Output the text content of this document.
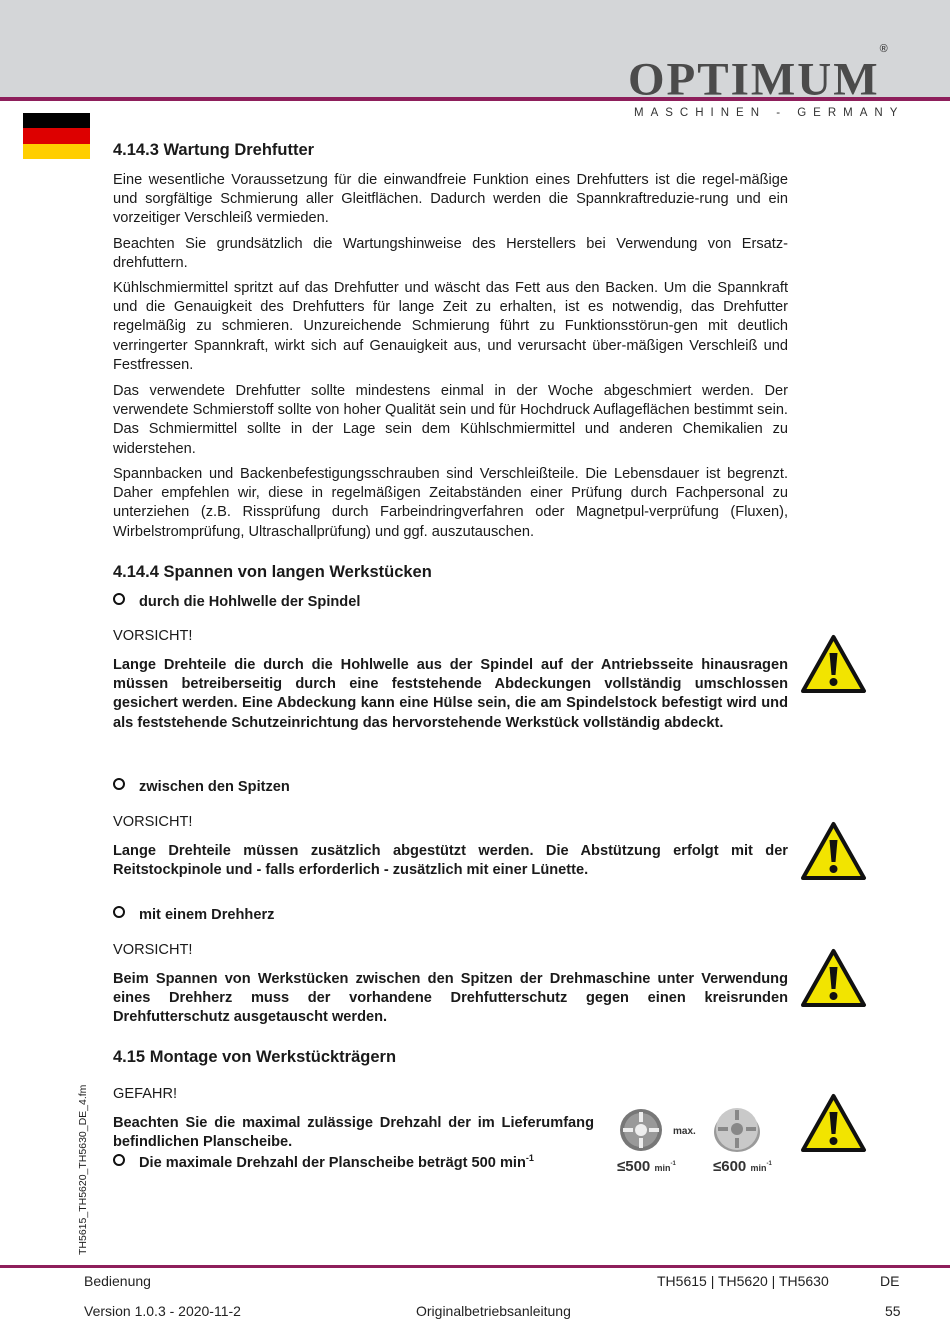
OPTIMUM®
MASCHINEN - GERMANY
4.14.3 Wartung Drehfutter

Eine wesentliche Voraussetzung für die einwandfreie Funktion eines Drehfutters ist die regel-mäßige und sorgfältige Schmierung aller Gleitflächen. Dadurch werden die Spannkraftreduzie-rung und ein vorzeitiger Verschleiß vermieden.

Beachten Sie grundsätzlich die Wartungshinweise des Herstellers bei Verwendung von Ersatz-drehfuttern.

Kühlschmiermittel spritzt auf das Drehfutter und wäscht das Fett aus den Backen. Um die Spannkraft und die Genauigkeit des Drehfutters für lange Zeit zu erhalten, ist es notwendig, das Drehfutter regelmäßig zu schmieren. Unzureichende Schmierung führt zu Funktionsstörun-gen mit deutlich verringerter Spannkraft, wirkt sich auf Genauigkeit aus, und verursacht über-mäßigen Verschleiß und Festfressen.

Das verwendete Drehfutter sollte mindestens einmal in der Woche abgeschmiert werden. Der verwendete Schmierstoff sollte von hoher Qualität sein und für Hochdruck Auflageflächen bestimmt sein. Das Schmiermittel sollte in der Lage sein dem Kühlschmiermittel und anderen Chemikalien zu widerstehen.

Spannbacken und Backenbefestigungsschrauben sind Verschleißteile. Die Lebensdauer ist begrenzt. Daher empfehlen wir, diese in regelmäßigen Zeitabständen einer Prüfung durch Fachpersonal zu unterziehen (z.B. Rissprüfung durch Farbeindringverfahren oder Magnetpul-verprüfung (Fluxen), Wirbelstromprüfung, Ultraschallprüfung) und ggf. auszutauschen.

4.14.4 Spannen von langen Werkstücken
durch die Hohlwelle der Spindel

VORSICHT!

Lange Drehteile die durch die Hohlwelle aus der Spindel auf der Antriebsseite hinausragen müssen betreiberseitig durch eine feststehende Abdeckungen vollständig umschlossen gesichert werden. Eine Abdeckung kann eine Hülse sein, die am Spindelstock befestigt wird und als feststehende Schutzeinrichtung das hervorstehende Werkstück vollständig abdeckt.

zwischen den Spitzen

VORSICHT!

Lange Drehteile müssen zusätzlich abgestützt werden. Die Abstützung erfolgt mit der Reitstockpinole und - falls erforderlich - zusätzlich mit einer Lünette.

mit einem Drehherz

VORSICHT!

Beim Spannen von Werkstücken zwischen den Spitzen der Drehmaschine unter Verwendung eines Drehherz muss der vorhandene Drehfutterschutz gegen einen kreisrunden Drehfutterschutz ausgetauscht werden.

4.15 Montage von Werkstückträgern

GEFAHR!

Beachten Sie die maximal zulässige Drehzahl der im Lieferumfang befindlichen Planscheibe.

Die maximale Drehzahl der Planscheibe beträgt 500 $\min^{-1}$
max.
≤500 $\min^{-1} \le 600$ $\min^{-1}$
TH5615_TH5620_TH5630_DE_4.fm
Bedienung	TH5615 | TH5620 | TH5630	DE
Version 1.0.3 - 2020-11-2	Originalbetriebsanleitung	55
